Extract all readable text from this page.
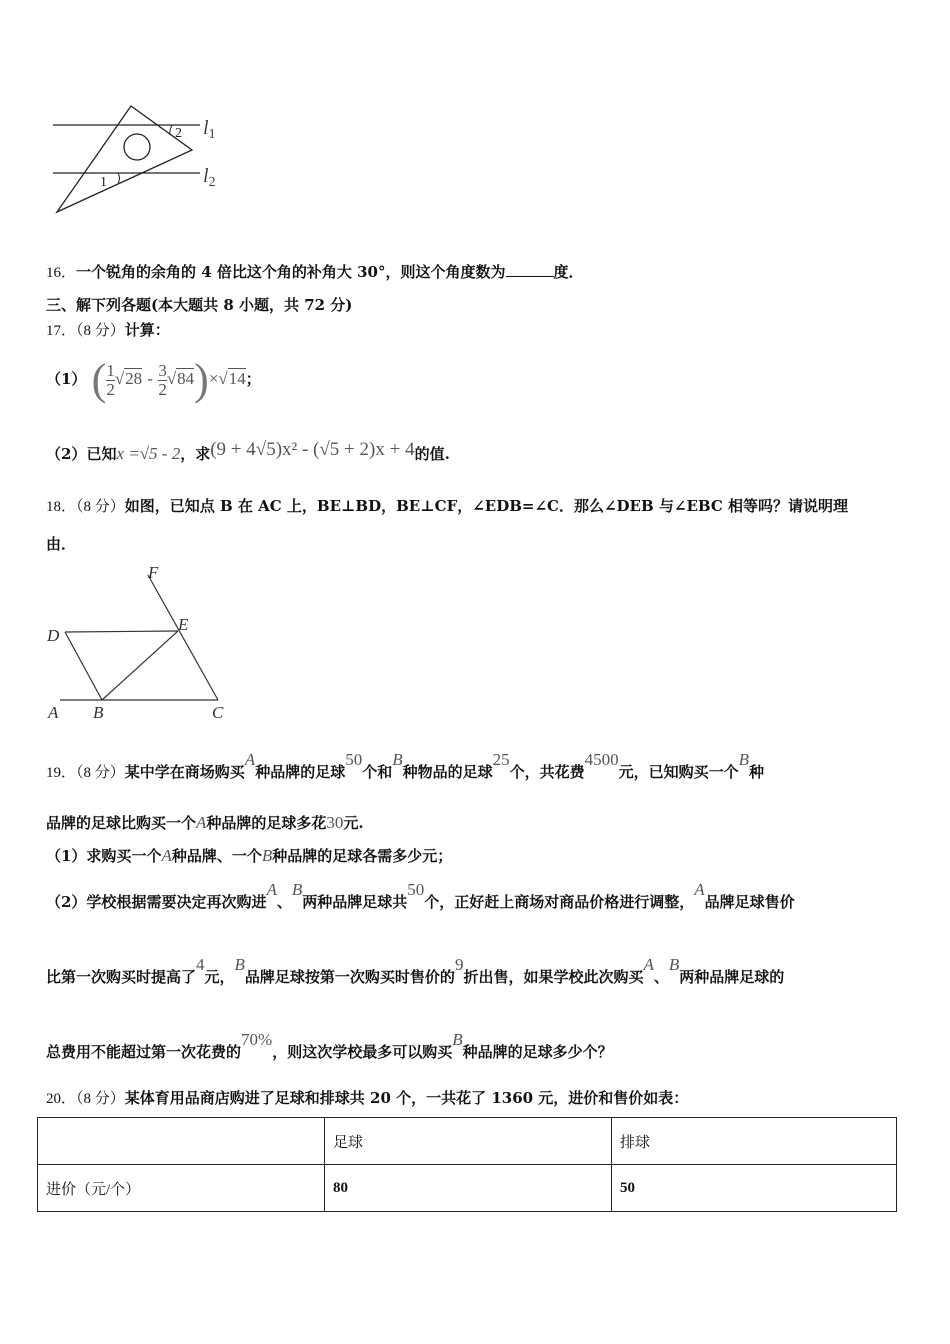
1
2 $l_1$
$l_2$
16．一个锐角的余角的 4 倍比这个角的补角大 30°，则这个角度数为	度．
三、解下列各题(本大题共 8 小题，共 72 分)
17．（8 分）计算：
（1） ( $\frac{1}{2} √28 - \frac{3}{2} √84)\times√14$；
（2）已知x =√5 - 2，求(9 + 4√5)x² - (√5 + 2)x + 4的值.
18．（8 分）如图，已知点 B 在 AC 上，BE⊥BD，BE⊥CF，∠EDB=∠C．那么∠DEB 与∠EBC 相等吗？请说明理
由．
F
E
D
A B	C
19．（8 分）某中学在商场购买A种品牌的足球50个和B种物品的足球25个，共花费4500元，已知购买一个B种
品牌的足球比购买一个A种品牌的足球多花30元.
（1）求购买一个A种品牌、一个B种品牌的足球各需多少元；
（2）学校根据需要决定再次购进A、B两种品牌足球共50个，正好赶上商场对商品价格进行调整，A品牌足球售价
比第一次购买时提高了4元，B品牌足球按第一次购买时售价的9折出售，如果学校此次购买A、B两种品牌足球的
总费用不能超过第一次花费的70%，则这次学校最多可以购买B种品牌的足球多少个？
20．（8 分）某体育用品商店购进了足球和排球共 20 个，一共花了 1360 元，进价和售价如表：
	足球	排球
进价（元/个）	80	50
